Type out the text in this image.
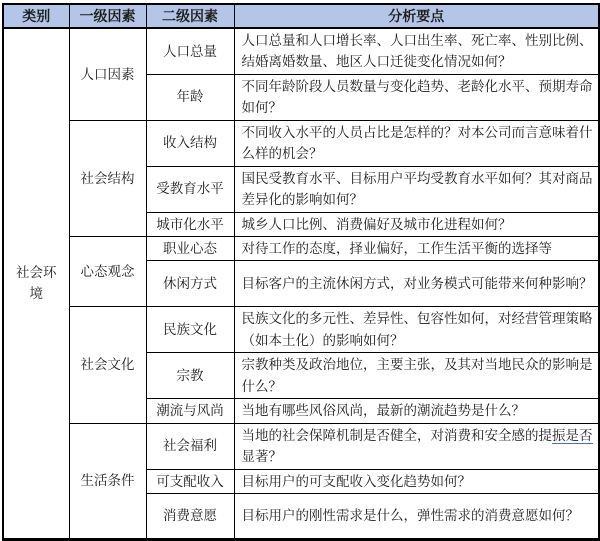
类别	一级因素	二级因素	分析要点
社会环境	人口因素	人口总量	人口总量和人口增长率、人口出生率、死亡率、性别比例、结婚离婚数量、地区人口迁徙变化情况如何？
		年龄	不同年龄阶段人员数量与变化趋势、老龄化水平、预期寿命如何？
	社会结构	收入结构	不同收入水平的人员占比是怎样的？对本公司而言意味着什么样的机会？
		受教育水平	国民受教育水平、目标用户平均受教育水平如何？其对商品差异化的影响如何？
		城市化水平	城乡人口比例、消费偏好及城市化进程如何？
	心态观念	职业心态	对待工作的态度，择业偏好，工作生活平衡的选择等
		休闲方式	目标客户的主流休闲方式，对业务模式可能带来何种影响？
	社会文化	民族文化	民族文化的多元性、差异性、包容性如何，对经营管理策略（如本土化）的影响如何？
		宗教	宗教种类及政治地位，主要主张，及其对当地民众的影响是什么？
		潮流与风尚	当地有哪些风俗风尚，最新的潮流趋势是什么？
	生活条件	社会福利	当地的社会保障机制是否健全，对消费和安全感的提振是否显著？
		可支配收入	目标用户的可支配收入变化趋势如何？
		消费意愿	目标用户的刚性需求是什么，弹性需求的消费意愿如何？
